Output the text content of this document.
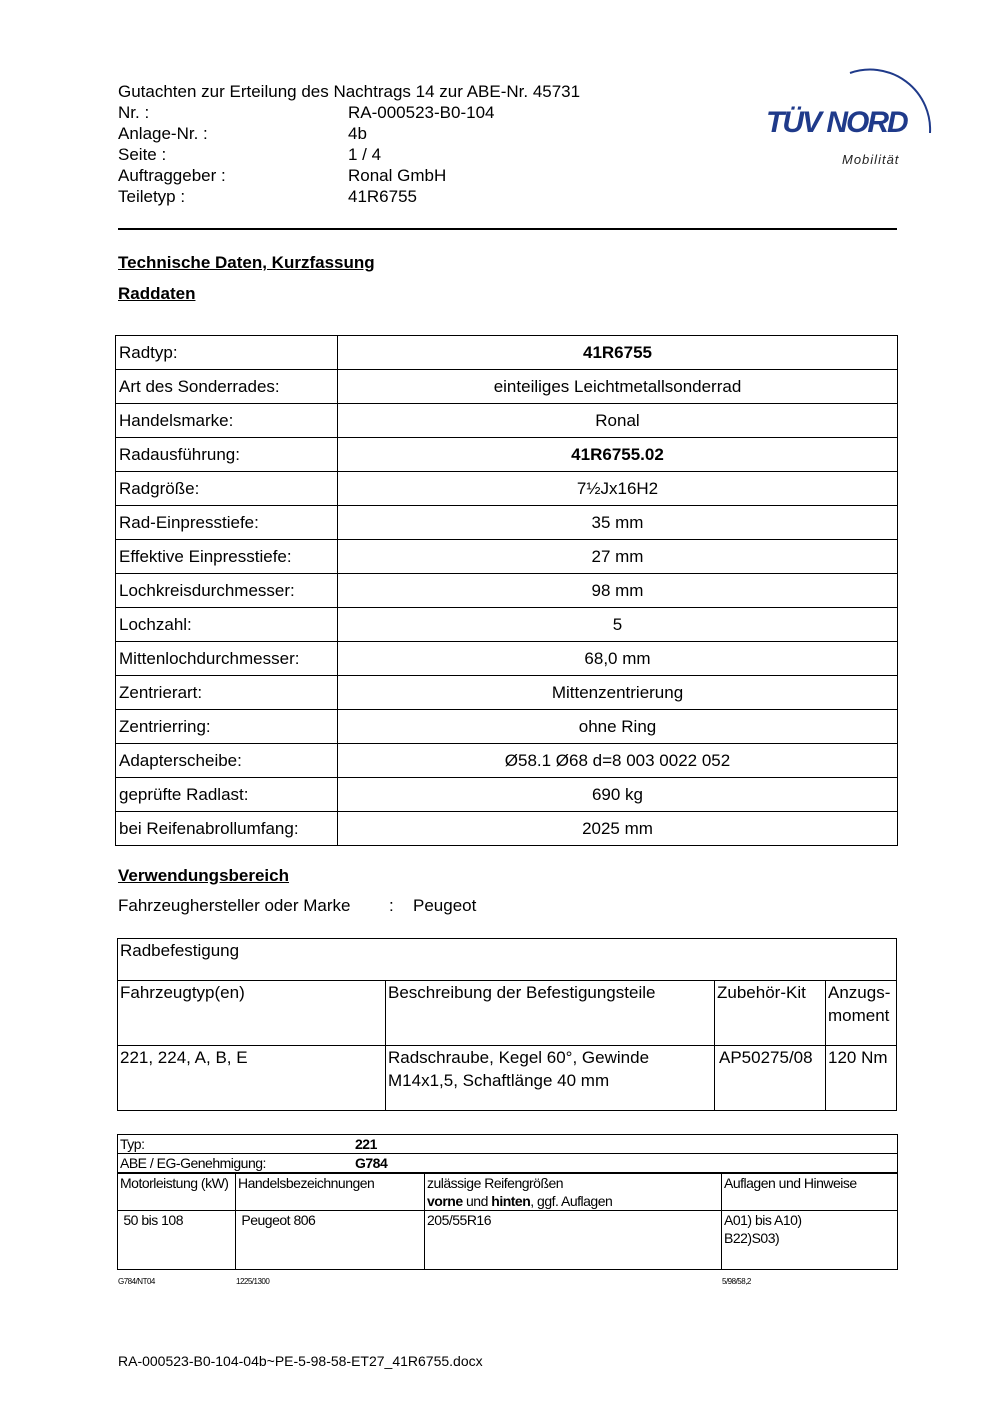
Gutachten zur Erteilung des Nachtrags 14 zur ABE-Nr. 45731
Nr. :	RA-000523-B0-104
Anlage-Nr. :	4b
Seite :	1 / 4
Auftraggeber :	Ronal GmbH
Teiletyp :	41R6755
TÜV NORD
Mobilität
Technische Daten, Kurzfassung
Raddaten
Radtyp:	41R6755
Art des Sonderrades:	einteiliges Leichtmetallsonderrad
Handelsmarke:	Ronal
Radausführung:	41R6755.02
Radgröße:	7½Jx16H2
Rad-Einpresstiefe:	35 mm
Effektive Einpresstiefe:	27 mm
Lochkreisdurchmesser:	98 mm
Lochzahl:	5
Mittenlochdurchmesser:	68,0 mm
Zentrierart:	Mittenzentrierung
Zentrierring:	ohne Ring
Adapterscheibe:	Ø58.1 Ø68 d=8 003 0022 052
geprüfte Radlast:	690 kg
bei Reifenabrollumfang:	2025 mm
Verwendungsbereich
Fahrzeughersteller oder Marke : Peugeot
Radbefestigung			
Fahrzeugtyp(en)	Beschreibung der Befestigungsteile	Zubehör-Kit	Anzugs-
moment
221, 224, A, B, E	Radschraube, Kegel 60°, Gewinde M14x1,5, Schaftlänge 40 mm	AP50275/08	120 Nm
Typ: 221			

ABE / EG-Genehmigung: G784			

Motorleistung (kW)	Handelsbezeichnungen	zulässige Reifengrößen
vorne und hinten, ggf. Auflagen	Auflagen und Hinweise
50 bis 108	Peugeot 806	205/55R16	A01) bis A10)
B22)S03)
G784/NT04	1225/1300	5/98/58,2
RA-000523-B0-104-04b~PE-5-98-58-ET27_41R6755.docx
